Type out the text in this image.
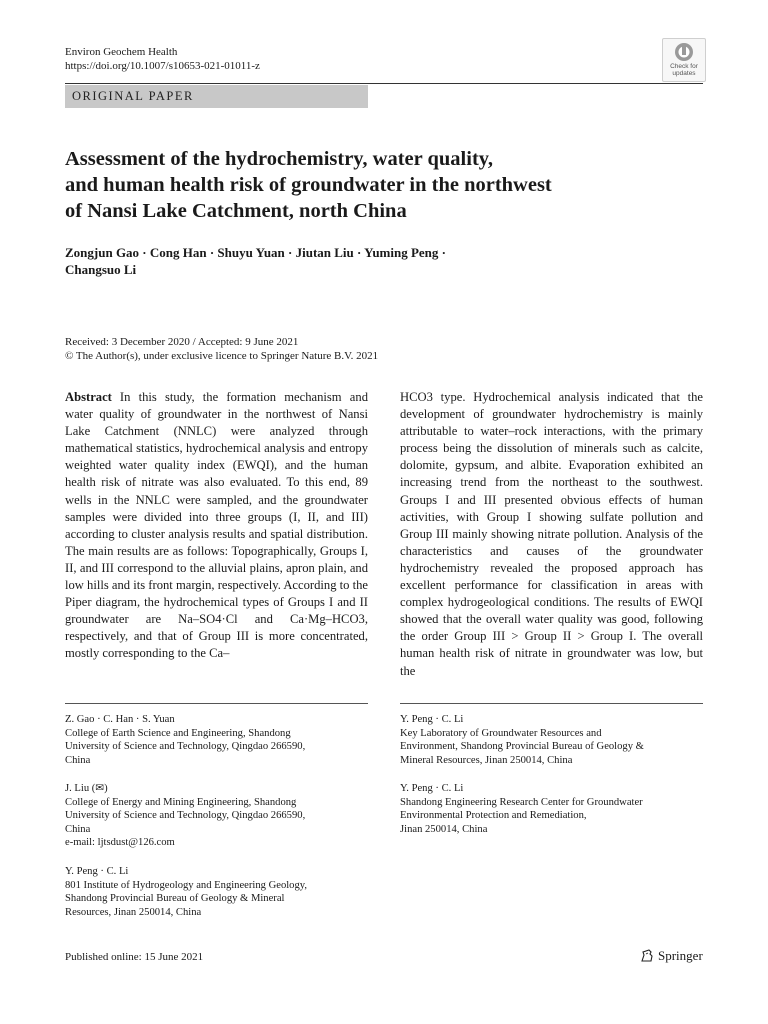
Environ Geochem Health
https://doi.org/10.1007/s10653-021-01011-z	Check for
updates
ORIGINAL PAPER
Assessment of the hydrochemistry, water quality,
and human health risk of groundwater in the northwest
of Nansi Lake Catchment, north China
Zongjun Gao · Cong Han · Shuyu Yuan · Jiutan Liu · Yuming Peng ·
Changsuo Li
Received: 3 December 2020 / Accepted: 9 June 2021
© The Author(s), under exclusive licence to Springer Nature B.V. 2021
Abstract In this study, the formation mechanism and water quality of groundwater in the northwest of Nansi Lake Catchment (NNLC) were analyzed through mathematical statistics, hydrochemical analysis and entropy weighted water quality index (EWQI), and the human health risk of nitrate was also evaluated. To this end, 89 wells in the NNLC were sampled, and the groundwater samples were divided into three groups (I, II, and III) according to cluster analysis results and spatial distribution. The main results are as follows: Topographically, Groups I, II, and III correspond to the alluvial plains, apron plain, and low hills and its front margin, respectively. According to the Piper diagram, the hydrochemical types of Groups I and II groundwater are Na–SO4·Cl and Ca·Mg–HCO3, respectively, and that of Group III is more concentrated, mostly corresponding to the Ca–
HCO3 type. Hydrochemical analysis indicated that the development of groundwater hydrochemistry is mainly attributable to water–rock interactions, with the primary process being the dissolution of minerals such as calcite, dolomite, gypsum, and albite. Evaporation exhibited an increasing trend from the northeast to the southwest. Groups I and III presented obvious effects of human activities, with Group I showing sulfate pollution and Group III mainly showing nitrate pollution. Analysis of the characteristics and causes of the groundwater hydrochemistry revealed the proposed approach has excellent performance for classification in areas with complex hydrogeological conditions. The results of EWQI showed that the overall water quality was good, following the order Group III > Group II > Group I. The overall human health risk of nitrate in groundwater was low, but the
Z. Gao · C. Han · S. Yuan
College of Earth Science and Engineering, Shandong
University of Science and Technology, Qingdao 266590,
China
J. Liu (✉)
College of Energy and Mining Engineering, Shandong
University of Science and Technology, Qingdao 266590,
China
e-mail: ljtsdust@126.com
Y. Peng · C. Li
801 Institute of Hydrogeology and Engineering Geology,
Shandong Provincial Bureau of Geology & Mineral
Resources, Jinan 250014, China
Y. Peng · C. Li
Key Laboratory of Groundwater Resources and
Environment, Shandong Provincial Bureau of Geology &
Mineral Resources, Jinan 250014, China
Y. Peng · C. Li
Shandong Engineering Research Center for Groundwater
Environmental Protection and Remediation,
Jinan 250014, China
Published online: 15 June 2021	Springer
